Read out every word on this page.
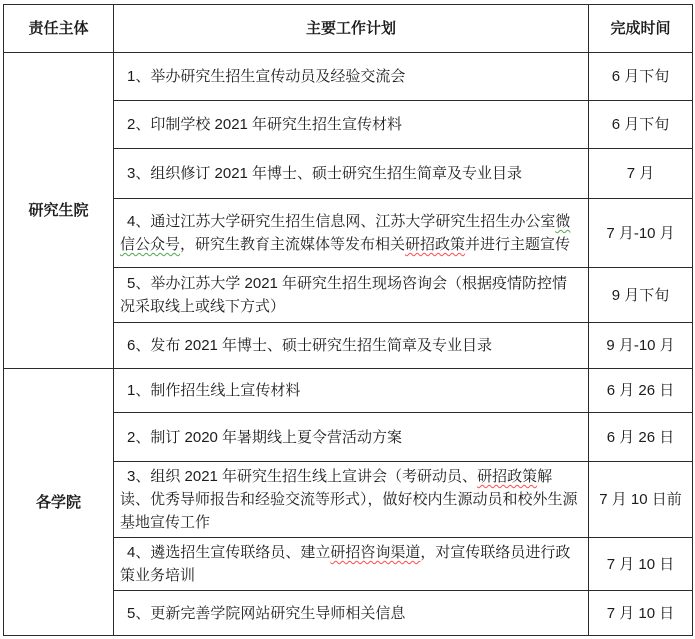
责任主体	主要工作计划	完成时间
研究生院	1、举办研究生招生宣传动员及经验交流会	6 月下旬
	2、印制学校 2021 年研究生招生宣传材料	6 月下旬
	3、组织修订 2021 年博士、硕士研究生招生简章及专业目录	7 月
	4、通过江苏大学研究生招生信息网、江苏大学研究生招生办公室微信公众号，研究生教育主流媒体等发布相关研招政策并进行主题宣传	7 月-10 月
	5、举办江苏大学 2021 年研究生招生现场咨询会（根据疫情防控情况采取线上或线下方式）	9 月下旬
	6、发布 2021 年博士、硕士研究生招生简章及专业目录	9 月-10 月
各学院	1、制作招生线上宣传材料	6 月 26 日
	2、制订 2020 年暑期线上夏令营活动方案	6 月 26 日
	3、组织 2021 年研究生招生线上宣讲会（考研动员、研招政策解读、优秀导师报告和经验交流等形式），做好校内生源动员和校外生源基地宣传工作	7 月 10 日前
	4、遴选招生宣传联络员、建立研招咨询渠道，对宣传联络员进行政策业务培训	7 月 10 日
	5、更新完善学院网站研究生导师相关信息	7 月 10 日
